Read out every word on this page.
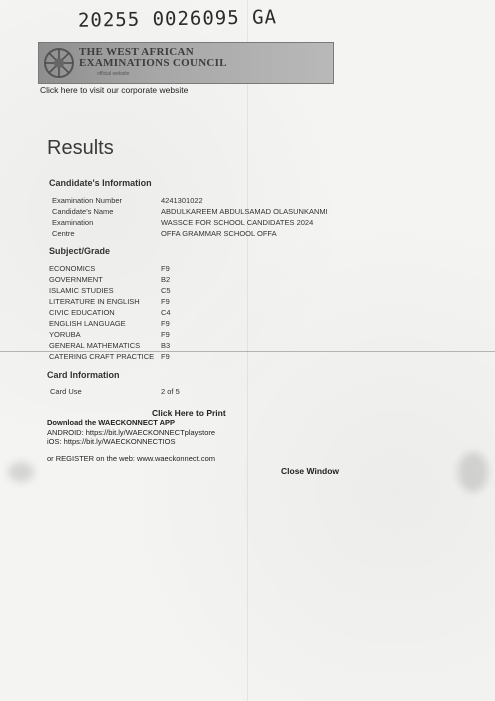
20255 0026095 GA
THE WEST AFRICAN
EXAMINATIONS COUNCIL
official website
Click here to visit our corporate website
Results
Candidate's Information
Examination Number	4241301022
Candidate's Name	ABDULKAREEM ABDULSAMAD OLASUNKANMI
Examination	WASSCE FOR SCHOOL CANDIDATES 2024
Centre	OFFA GRAMMAR SCHOOL OFFA
Subject/Grade
ECONOMICS	F9
GOVERNMENT	B2
ISLAMIC STUDIES	C5
LITERATURE IN ENGLISH	F9
CIVIC EDUCATION	C4
ENGLISH LANGUAGE	F9
YORUBA	F9
GENERAL MATHEMATICS	B3
CATERING CRAFT PRACTICE F9
Card Information
Card Use	2 of 5
Click Here to Print
Download the WAECKONNECT APP
ANDROID: https://bit.ly/WAECKONNECTplaystore
iOS: https://bit.ly/WAECKONNECTIOS
or REGISTER on the web: www.waeckonnect.com
Close Window
